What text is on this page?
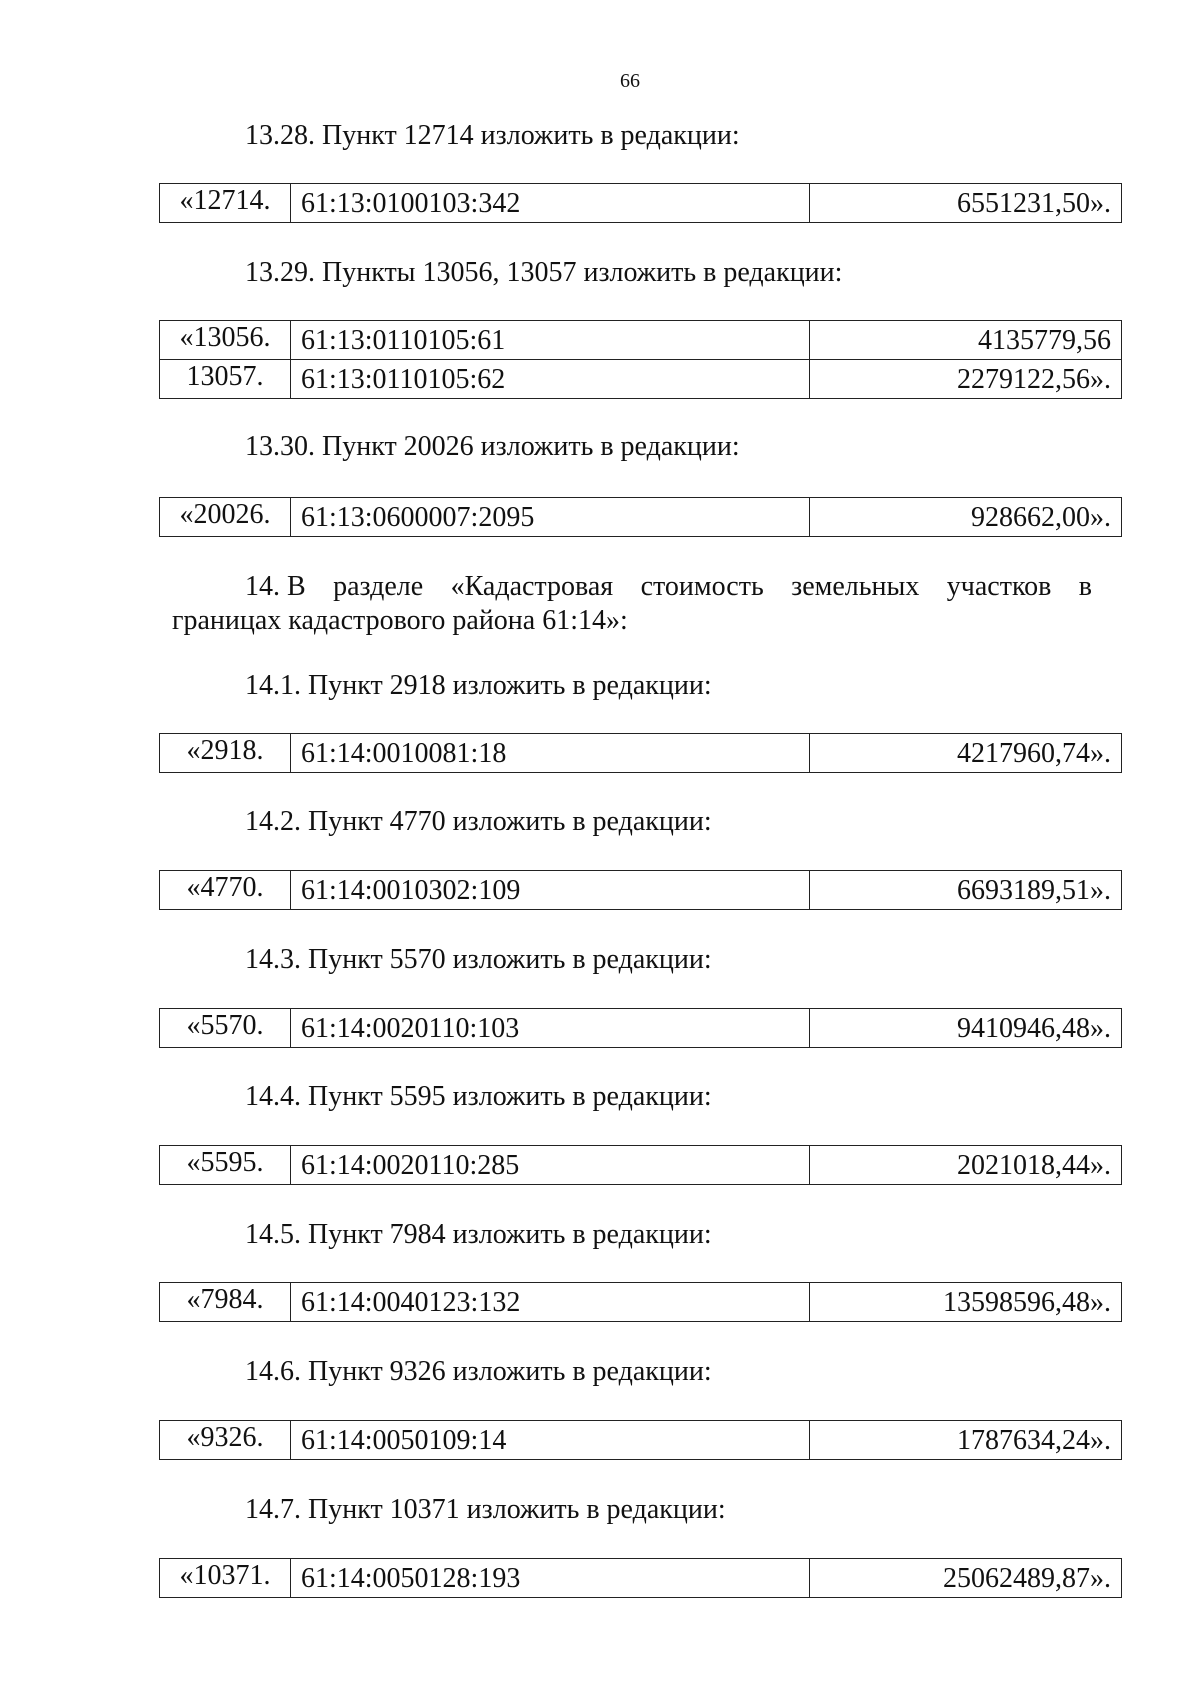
66
13.28. Пункт 12714 изложить в редакции:
«12714.	61:13:0100103:342	6551231,50».
13.29. Пункты 13056, 13057 изложить в редакции:
«13056.	61:13:0110105:61	4135779,56
13057.	61:13:0110105:62	2279122,56».
13.30. Пункт 20026 изложить в редакции:
«20026.	61:13:0600007:2095	928662,00».
14. В разделе «Кадастровая стоимость земельных участков в
границах кадастрового района 61:14»:
14.1. Пункт 2918 изложить в редакции:
«2918.	61:14:0010081:18	4217960,74».
14.2. Пункт 4770 изложить в редакции:
«4770.	61:14:0010302:109	6693189,51».
14.3. Пункт 5570 изложить в редакции:
«5570.	61:14:0020110:103	9410946,48».
14.4. Пункт 5595 изложить в редакции:
«5595.	61:14:0020110:285	2021018,44».
14.5. Пункт 7984 изложить в редакции:
«7984.	61:14:0040123:132	13598596,48».
14.6. Пункт 9326 изложить в редакции:
«9326.	61:14:0050109:14	1787634,24».
14.7. Пункт 10371 изложить в редакции:
«10371.	61:14:0050128:193	25062489,87».
